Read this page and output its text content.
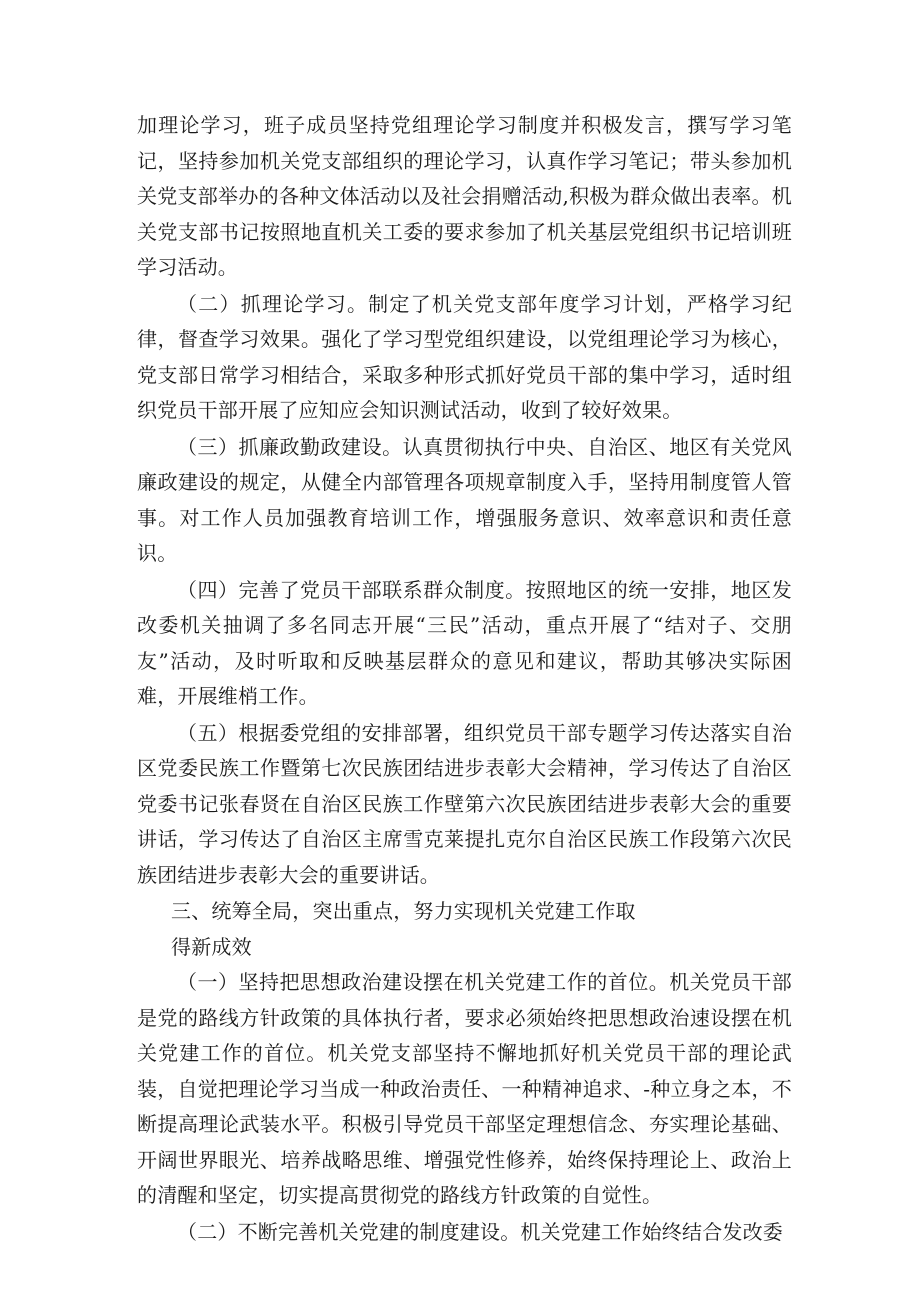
加理论学习，班子成员坚持党组理论学习制度并积极发言，撰写学习笔记，坚持参加机关党支部组织的理论学习，认真作学习笔记；带头参加机关党支部举办的各种文体活动以及社会捐赠活动,积极为群众做出表率。机关党支部书记按照地直机关工委的要求参加了机关基层党组织书记培训班学习活动。

（二）抓理论学习。制定了机关党支部年度学习计划，严格学习纪律，督查学习效果。强化了学习型党组织建设，以党组理论学习为核心，党支部日常学习相结合，采取多种形式抓好党员干部的集中学习，适时组织党员干部开展了应知应会知识测试活动，收到了较好效果。

（三）抓廉政勤政建设。认真贯彻执行中央、自治区、地区有关党风廉政建设的规定，从健全内部管理各项规章制度入手，坚持用制度管人管事。对工作人员加强教育培训工作，增强服务意识、效率意识和责任意识。

（四）完善了党员干部联系群众制度。按照地区的统一安排，地区发改委机关抽调了多名同志开展“三民”活动，重点开展了“结对子、交朋友”活动，及时听取和反映基层群众的意见和建议，帮助其够决实际困难，开展维梢工作。

（五）根据委党组的安排部署，组织党员干部专题学习传达落实自治区党委民族工作暨第七次民族团结进步表彰大会精神，学习传达了自治区党委书记张春贤在自治区民族工作壁第六次民族团结进步表彰大会的重要讲话，学习传达了自治区主席雪克莱提扎克尔自治区民族工作段第六次民族团结进步表彰大会的重要讲话。

三、统筹全局，突出重点，努力实现机关党建工作取
得新成效

（一）坚持把思想政治建设摆在机关党建工作的首位。机关党员干部是党的路线方针政策的具体执行者，要求必须始终把思想政治速设摆在机关党建工作的首位。机关党支部坚持不懈地抓好机关党员干部的理论武装，自觉把理论学习当成一种政治责任、一种精神追求、-种立身之本，不断提高理论武装水平。积极引导党员干部坚定理想信念、夯实理论基础、开阔世界眼光、培养战略思维、增强党性修养，始终保持理论上、政治上的清醒和坚定，切实提高贯彻党的路线方针政策的自觉性。

（二）不断完善机关党建的制度建设。机关党建工作始终结合发改委
